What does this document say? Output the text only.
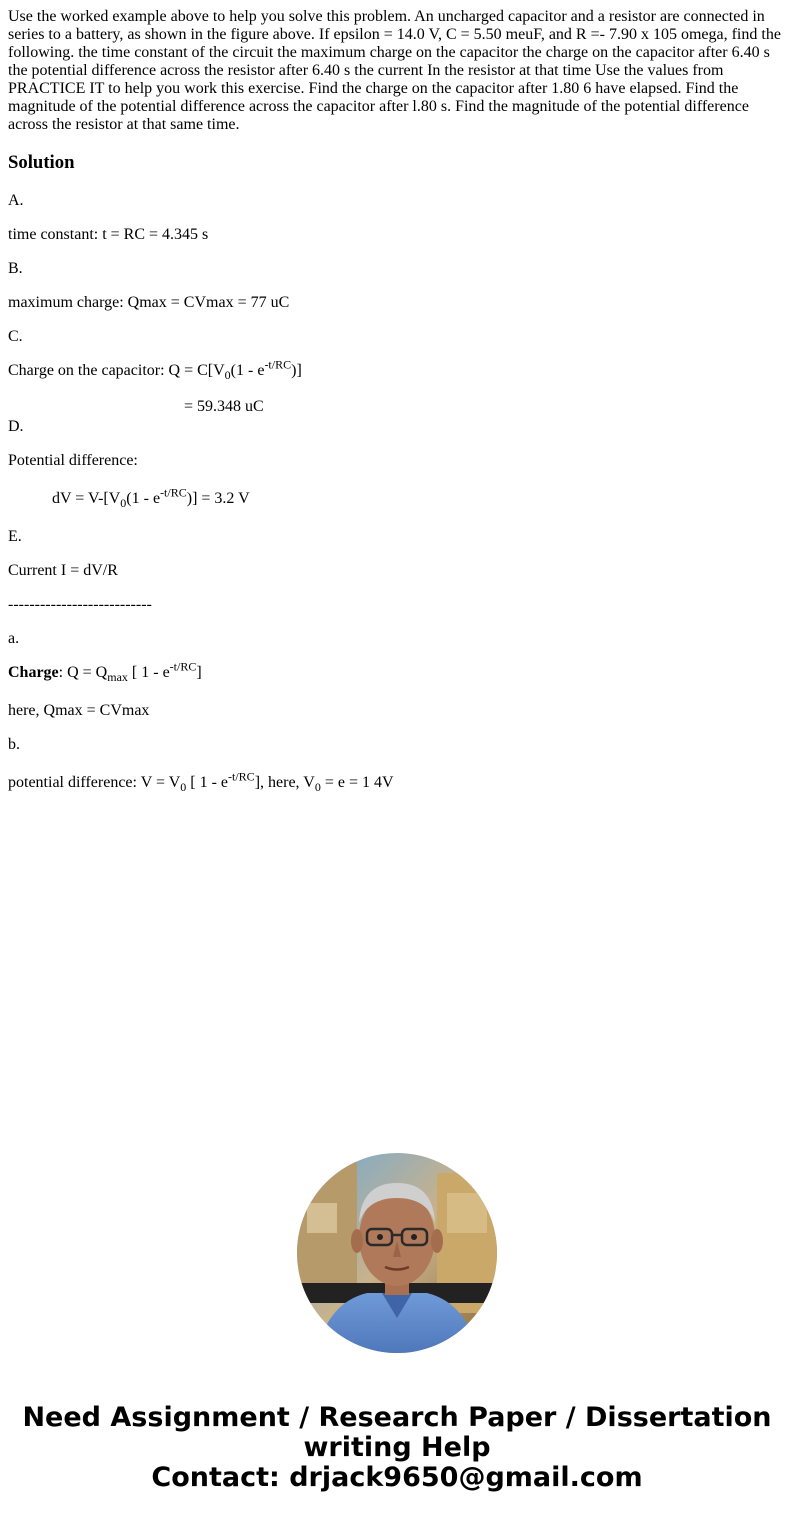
Use the worked example above to help you solve this problem. An uncharged capacitor and a resistor are connected in series to a battery, as shown in the figure above. If epsilon = 14.0 V, C = 5.50 meuF, and R =- 7.90 x 105 omega, find the following. the time constant of the circuit the maximum charge on the capacitor the charge on the capacitor after 6.40 s the potential difference across the resistor after 6.40 s the current In the resistor at that time Use the values from PRACTICE IT to help you work this exercise. Find the charge on the capacitor after 1.80 6 have elapsed. Find the magnitude of the potential difference across the capacitor after l.80 s. Find the magnitude of the potential difference across the resistor at that same time.

Solution

A.

time constant: t = RC = 4.345 s

B.

maximum charge: Qmax = CVmax = 77 uC

C.

Charge on the capacitor: $Q = C[V_0(1 - e^{-t/RC})]$

= 59.348 uC

D.

Potential difference:

dV = $V-[V_0(1 - e^{-t/RC})] = 3.2$ V

E.

Current I = dV/R

---------------------------

a.

Charge: $Q = Q_{max}$ [ $1 - e^{-t/RC}$]

here, Qmax = CVmax

b.

potential difference: $V = V_0$ [ $1 - e^{-t/RC}$], here, $V_0 = e = 1$ 4V

Need Assignment / Research Paper / Dissertation
writing Help
Contact: drjack9650@gmail.com
